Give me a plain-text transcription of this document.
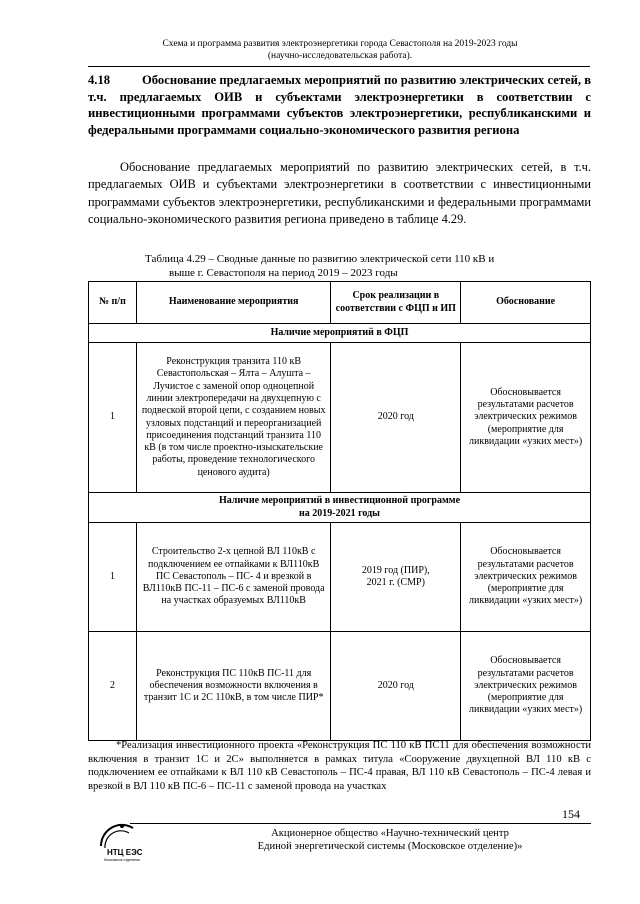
Схема и программа развития электроэнергетики города Севастополя на 2019-2023 годы
(научно-исследовательская работа).
4.18	Обоснование предлагаемых мероприятий по развитию электрических сетей, в т.ч. предлагаемых ОИВ и субъектами электроэнергетики в соответствии с инвестиционными программами субъектов электроэнергетики, республиканскими и федеральными программами социально-экономического развития региона
Обоснование предлагаемых мероприятий по развитию электрических сетей, в т.ч. предлагаемых ОИВ и субъектами электроэнергетики в соответствии с инвестиционными программами субъектов электроэнергетики, республиканскими и федеральными программами социально-экономического развития региона приведено в таблице 4.29.
Таблица 4.29 – Сводные данные по развитию электрической сети 110 кВ и
выше г. Севастополя на период 2019 – 2023 годы
№ п/п	Наименование мероприятия	Срок реализации в соответствии с ФЦП и ИП	Обоснование
Наличие мероприятий в ФЦП			
1	Реконструкция транзита 110 кВ Севастопольская – Ялта – Алушта – Лучистое с заменой опор одноцепной линии электропередачи на двухцепную с подвеской второй цепи, с созданием новых узловых подстанций и переорганизацией присоединения подстанций транзита 110 кВ (в том числе проектно-изыскательские работы, проведение технологического ценового аудита)	2020 год	Обосновывается результатами расчетов электрических режимов (мероприятие для ликвидации «узких мест»)

Наличие мероприятий в инвестиционной программе
на 2019-2021 годы			

1	Строительство 2-х цепной ВЛ 110кВ с подключением ее отпайками к ВЛ110кВ ПС Севастополь – ПС- 4 и врезкой в ВЛ110кВ ПС-11 – ПС-6 с заменой провода на участках образуемых ВЛ110кВ	2019 год (ПИР),
2021 г. (СМР)	Обосновывается результатами расчетов электрических режимов (мероприятие для ликвидации «узких мест»)
2	Реконструкция ПС 110кВ ПС-11 для обеспечения возможности включения в транзит 1С и 2С 110кВ, в том числе ПИР*	2020 год	Обосновывается результатами расчетов электрических режимов (мероприятие для ликвидации «узких мест»)
*Реализация инвестиционного проекта «Реконструкция ПС 110 кВ ПС11 для обеспечения возможности включения в транзит 1С и 2С» выполняется в рамках титула «Сооружение двухцепной ВЛ 110 кВ с подключением ее отпайками к ВЛ 110 кВ Севастополь – ПС-4 правая, ВЛ 110 кВ Севастополь – ПС-4 левая и врезкой в ВЛ 110 кВ ПС-6 – ПС-11 с заменой провода на участках
154
НТЦ ЕЭС
Московское отделение
Акционерное общество «Научно-технический центр
Единой энергетической системы (Московское отделение)»
